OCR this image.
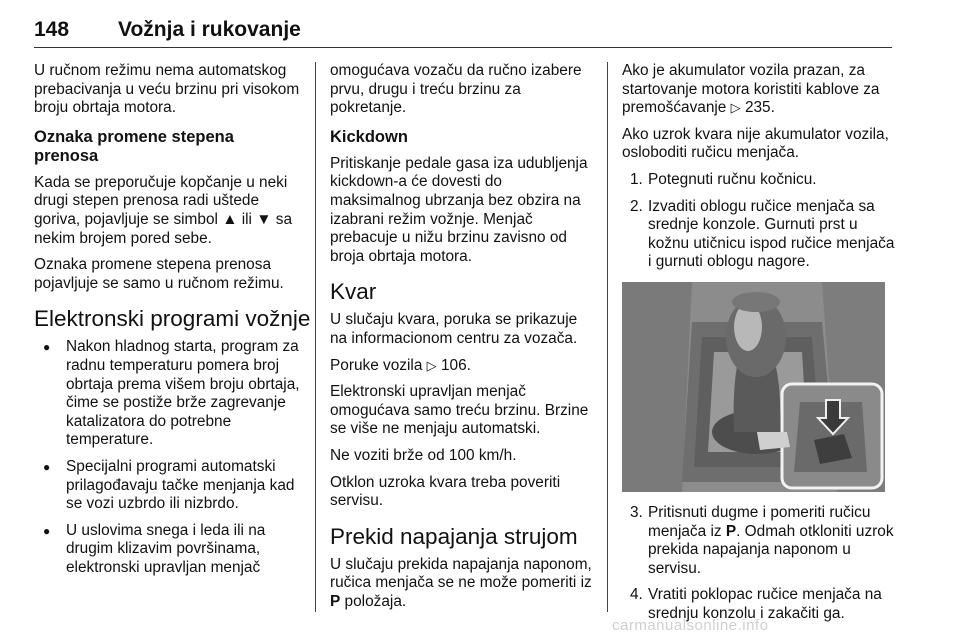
148 Vožnja i rukovanje

U ručnom režimu nema automatskog prebacivanja u veću brzinu pri visokom broju obrtaja motora.

Oznaka promene stepena prenosa

Kada se preporučuje kopčanje u neki drugi stepen prenosa radi uštede goriva, pojavljuje se simbol ▲ ili ▼ sa nekim brojem pored sebe.

Oznaka promene stepena prenosa pojavljuje se samo u ručnom režimu.

Elektronski programi vožnje
● Nakon hladnog starta, program za radnu temperaturu pomera broj obrtaja prema višem broju obrtaja, čime se postiže brže zagrevanje katalizatora do potrebne temperature.
● Specijalni programi automatski prilagođavaju tačke menjanja kad se vozi uzbrdo ili nizbrdo.
● U uslovima snega i leda ili na drugim klizavim površinama, elektronski upravljan menjač

omogućava vozaču da ručno izabere prvu, drugu i treću brzinu za pokretanje.

Kickdown

Pritiskanje pedale gasa iza udubljenja kickdown-a će dovesti do maksimalnog ubrzanja bez obzira na izabrani režim vožnje. Menjač prebacuje u nižu brzinu zavisno od broja obrtaja motora.

Kvar

U slučaju kvara, poruka se prikazuje na informacionom centru za vozača.

Poruke vozila ▷ 106.

Elektronski upravljan menjač omogućava samo treću brzinu. Brzine se više ne menjaju automatski.

Ne voziti brže od 100 km/h.

Otklon uzroka kvara treba poveriti servisu.

Prekid napajanja strujom

U slučaju prekida napajanja naponom, ručica menjača se ne može pomeriti iz P položaja.

Ako je akumulator vozila prazan, za startovanje motora koristiti kablove za premošćavanje ▷ 235.

Ako uzrok kvara nije akumulator vozila, osloboditi ručicu menjača.

1. Potegnuti ručnu kočnicu.
2. Izvaditi oblogu ručice menjača sa srednje konzole. Gurnuti prst u kožnu utičnicu ispod ručice menjača i gurnuti oblogu nagore.
3. Pritisnuti dugme i pomeriti ručicu menjača iz P. Odmah otkloniti uzrok prekida napajanja naponom u servisu.
4. Vratiti poklopac ručice menjača na srednju konzolu i zakačiti ga.
carmanualsonline.info
